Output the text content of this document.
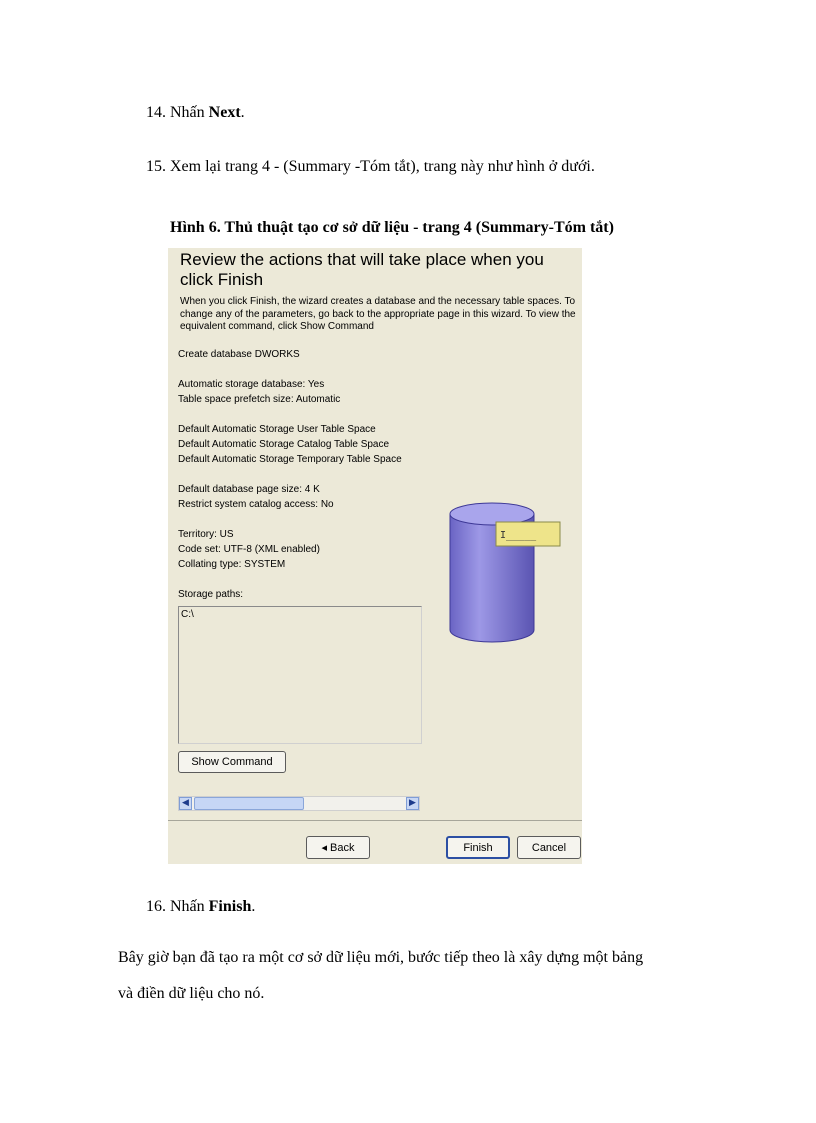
14. Nhấn Next.
15. Xem lại trang 4 - (Summary -Tóm tắt), trang này như hình ở dưới.
Hình 6. Thủ thuật tạo cơ sở dữ liệu - trang 4 (Summary-Tóm tắt)
Review the actions that will take place when you click Finish
When you click Finish, the wizard creates a database and the necessary table spaces. To change any of the parameters, go back to the appropriate page in this wizard. To view the equivalent command, click Show Command
Create database DWORKS
Automatic storage database: Yes
Table space prefetch size: Automatic
Default Automatic Storage User Table Space
Default Automatic Storage Catalog Table Space
Default Automatic Storage Temporary Table Space
Default database page size: 4 K
Restrict system catalog access: No
Territory: US
Code set: UTF-8 (XML enabled)
Collating type: SYSTEM
Storage paths:
C:\
Show Command
◀	▶
I_____
◂ Back	Finish	Cancel
16. Nhấn Finish.
Bây giờ bạn đã tạo ra một cơ sở dữ liệu mới, bước tiếp theo là xây dựng một bảng
và điền dữ liệu cho nó.
